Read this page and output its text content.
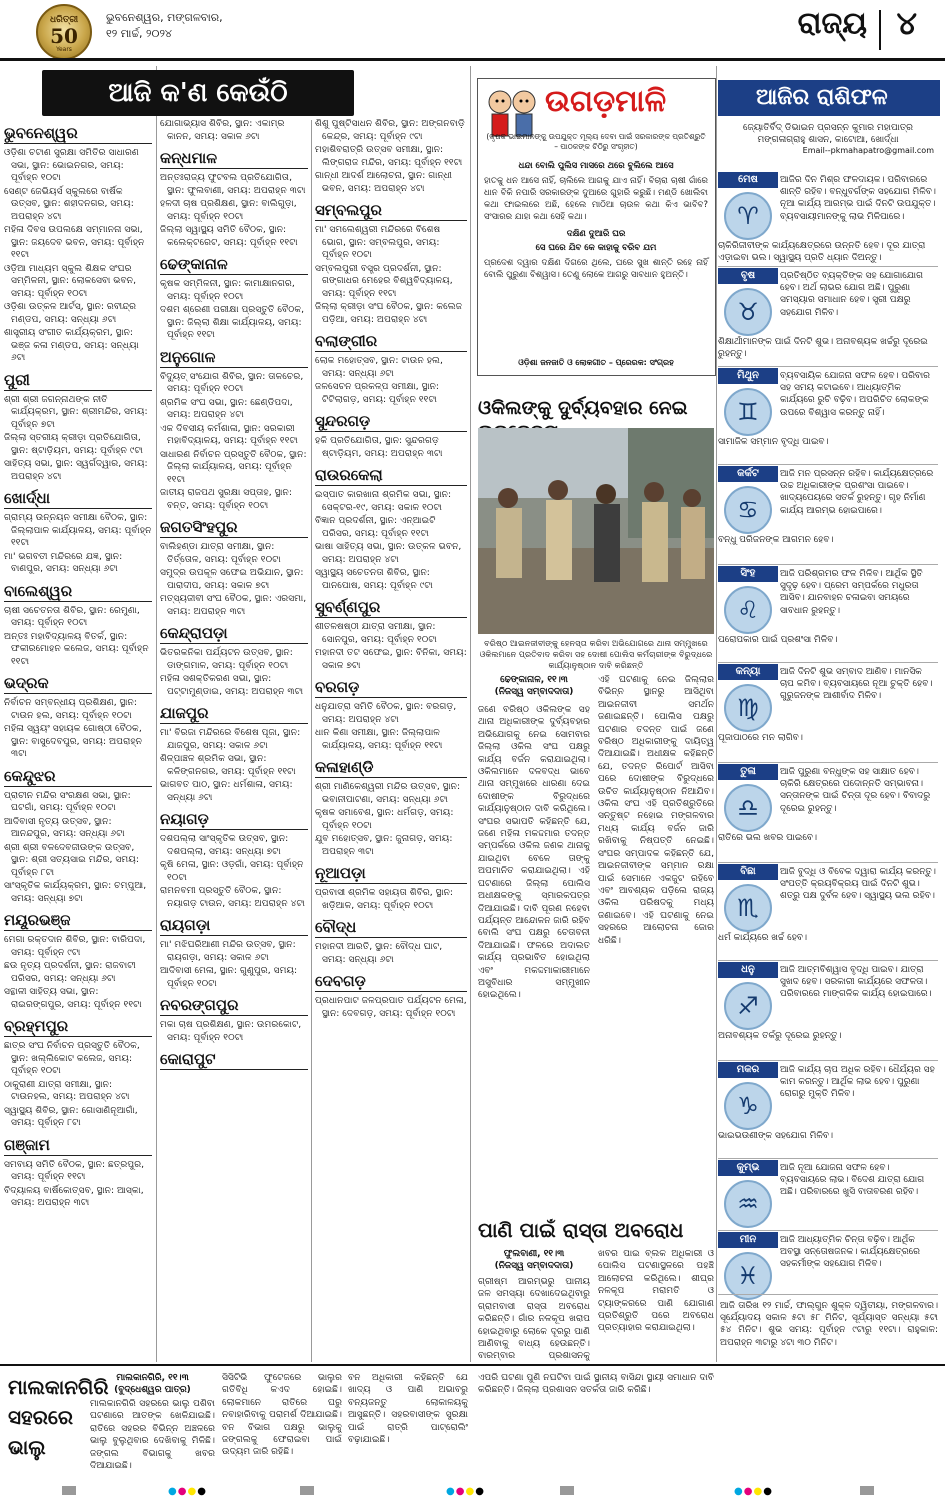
ଧରିତ୍ରୀ
50
Years
ଭୁବନେଶ୍ୱର, ମଙ୍ଗଳବାର,
୧୨ ମାର୍ଚ୍ଚ, ୨୦୨୪	ରାଜ୍ୟ ୪
ଆଜି କ'ଣ କେଉଁଠି
ଭୁବନେଶ୍ୱର
ଓଡ଼ିଶା ଚଟାଣ ସୁରକ୍ଷା ସମିତିର ସାଧାରଣ ସଭା, ସ୍ଥାନ: ଭୋଇନଗର, ସମୟ: ପୂର୍ବାହ୍ନ ୧୦ଟା
ସେଣ୍ଟ ଜେଭିୟର୍ସ ସ୍କୁଲରେ ବାର୍ଷିକ ଉତ୍ସବ, ସ୍ଥାନ: ଶହୀଦନଗର, ସମୟ: ଅପରାହ୍ନ ୪ଟା
ମହିଳା ଦିବସ ଉପଲକ୍ଷେ ସମ୍ମାନନା ସଭା, ସ୍ଥାନ: ଜୟଦେବ ଭବନ, ସମୟ: ପୂର୍ବାହ୍ନ ୧୧ଟା
ଓଡ଼ିଆ ମାଧ୍ୟମ ସ୍କୁଲ ଶିକ୍ଷକ ସଂଘର ସମ୍ମିଳନୀ, ସ୍ଥାନ: ଲୋକସେବା ଭବନ, ସମୟ: ପୂର୍ବାହ୍ନ ୧୦ଟା
ଓଡ଼ିଶା ଉତ୍କଳ ଆର୍ଟସ୍, ସ୍ଥାନ: ରବୀନ୍ଦ୍ର ମଣ୍ଡପ, ସମୟ: ସନ୍ଧ୍ୟା ୬ଟା
ଶାସ୍ତ୍ରୀୟ ସଂଗୀତ କାର୍ଯ୍ୟକ୍ରମ, ସ୍ଥାନ: ଭଞ୍ଜ କଳା ମଣ୍ଡପ, ସମୟ: ସନ୍ଧ୍ୟା ୬ଟା
ପୁରୀ
ଶ୍ରୀ ଶ୍ରୀ ଜଗନ୍ନାଥଙ୍କ ନୀତି କାର୍ଯ୍ୟକ୍ରମ, ସ୍ଥାନ: ଶ୍ରୀମନ୍ଦିର, ସମୟ: ପୂର୍ବାହ୍ନ ୭ଟା
ଜିଲ୍ଲା ସ୍ତରୀୟ କ୍ରୀଡ଼ା ପ୍ରତିଯୋଗିତା, ସ୍ଥାନ: ଷ୍ଟାଡ଼ିୟମ, ସମୟ: ପୂର୍ବାହ୍ନ ୯ଟା
ସାହିତ୍ୟ ସଭା, ସ୍ଥାନ: ସ୍ୱର୍ଗଦ୍ୱାର, ସମୟ: ଅପରାହ୍ନ ୪ଟା
ଖୋର୍ଦ୍ଧା
ଗ୍ରାମ୍ୟ ଉନ୍ନୟନ ସମୀକ୍ଷା ବୈଠକ, ସ୍ଥାନ: ଜିଲ୍ଲାପାଳ କାର୍ଯ୍ୟାଳୟ, ସମୟ: ପୂର୍ବାହ୍ନ ୧୧ଟା
ମା' ଭଗବତୀ ମନ୍ଦିରରେ ଯଜ୍ଞ, ସ୍ଥାନ: ବାଣପୁର, ସମୟ: ସନ୍ଧ୍ୟା ୬ଟା
ବାଲେଶ୍ୱର
ଚାଷୀ ସଚେତନତା ଶିବିର, ସ୍ଥାନ: ରେମୁଣା, ସମୟ: ପୂର୍ବାହ୍ନ ୧୦ଟା
ଅନ୍ତଃ ମହାବିଦ୍ୟାଳୟ ବିତର୍କ, ସ୍ଥାନ: ଫକୀରମୋହନ କଲେଜ, ସମୟ: ପୂର୍ବାହ୍ନ ୧୧ଟା
ଭଦ୍ରକ
ନିର୍ବାଚନ ସମ୍ବନ୍ଧୀୟ ପ୍ରଶିକ୍ଷଣ, ସ୍ଥାନ: ଟାଉନ ହଲ, ସମୟ: ପୂର୍ବାହ୍ନ ୧୦ଟା
ମହିଳା ସ୍ୱୟଂ ସହାୟକ ଗୋଷ୍ଠୀ ବୈଠକ, ସ୍ଥାନ: ବାସୁଦେବପୁର, ସମୟ: ଅପରାହ୍ନ ୩ଟା
କେନ୍ଦୁଝର
ପ୍ରାଚୀନ ମନ୍ଦିର ସଂରକ୍ଷଣ ସଭା, ସ୍ଥାନ: ଘଟଗାଁ, ସମୟ: ପୂର୍ବାହ୍ନ ୧୦ଟା
ଆଦିବାସୀ ନୃତ୍ୟ ଉତ୍ସବ, ସ୍ଥାନ: ଆନନ୍ଦପୁର, ସମୟ: ସନ୍ଧ୍ୟା ୬ଟା
ଶ୍ରୀ ଶ୍ରୀ ବଳଦେବଜୀଉଙ୍କ ଉତ୍ସବ, ସ୍ଥାନ: ଶ୍ରୀ ସତ୍ୟସାଇ ମନ୍ଦିର, ସମୟ: ପୂର୍ବାହ୍ନ ୮ଟା
ସାଂସ୍କୃତିକ କାର୍ଯ୍ୟକ୍ରମ, ସ୍ଥାନ: ଚମ୍ପୁଆ, ସମୟ: ସନ୍ଧ୍ୟା ୭ଟା
ମୟୂରଭଞ୍ଜ
ମେଗା ରକ୍ତଦାନ ଶିବିର, ସ୍ଥାନ: ବାରିପଦା, ସମୟ: ପୂର୍ବାହ୍ନ ୯ଟା
ଛଉ ନୃତ୍ୟ ପ୍ରଦର୍ଶନୀ, ସ୍ଥାନ: ରାଜବାଟୀ ପରିସର, ସମୟ: ସନ୍ଧ୍ୟା ୬ଟା
ସନ୍ଥାଳୀ ସାହିତ୍ୟ ସଭା, ସ୍ଥାନ: ରାଇରଙ୍ଗପୁର, ସମୟ: ପୂର୍ବାହ୍ନ ୧୧ଟା
ବ୍ରହ୍ମପୁର
ଛାତ୍ର ସଂଘ ନିର୍ବାଚନ ପ୍ରସ୍ତୁତି ବୈଠକ, ସ୍ଥାନ: ଖଲ୍ଲିକୋଟ କଲେଜ, ସମୟ: ପୂର୍ବାହ୍ନ ୧୦ଟା
ଠାକୁରାଣୀ ଯାତ୍ରା ସମୀକ୍ଷା, ସ୍ଥାନ: ଟାଉନହଲ, ସମୟ: ଅପରାହ୍ନ ୪ଟା
ସ୍ୱାସ୍ଥ୍ୟ ଶିବିର, ସ୍ଥାନ: ଗୋସାଣିନୂଆଗାଁ, ସମୟ: ପୂର୍ବାହ୍ନ ୮ଟା
ଗଞ୍ଜାମ
ସମବାୟ ସମିତି ବୈଠକ, ସ୍ଥାନ: ଛତ୍ରପୁର, ସମୟ: ପୂର୍ବାହ୍ନ ୧୧ଟା
ବିଦ୍ୟାଳୟ ବାର୍ଷିକୋତ୍ସବ, ସ୍ଥାନ: ଆସ୍କା, ସମୟ: ଅପରାହ୍ନ ୩ଟା
ଯୋଗାଭ୍ୟାସ ଶିବିର, ସ୍ଥାନ: ଏକାମ୍ର କାନନ, ସମୟ: ସକାଳ ୬ଟା
କନ୍ଧମାଳ
ଅନ୍ତଃରାଜ୍ୟ ଫୁଟବଲ ପ୍ରତିଯୋଗିତା, ସ୍ଥାନ: ଫୁଲବାଣୀ, ସମୟ: ଅପରାହ୍ନ ୩ଟା
ହଳଦୀ ଚାଷ ପ୍ରଶିକ୍ଷଣ, ସ୍ଥାନ: ବାଲିଗୁଡ଼ା, ସମୟ: ପୂର୍ବାହ୍ନ ୧୦ଟା
ଜିଲ୍ଲା ସ୍ୱାସ୍ଥ୍ୟ ସମିତି ବୈଠକ, ସ୍ଥାନ: କଲେକ୍ଟରେଟ, ସମୟ: ପୂର୍ବାହ୍ନ ୧୧ଟା
ଢେଙ୍କାନାଳ
କୃଷକ ସମ୍ମିଳନୀ, ସ୍ଥାନ: କାମାକ୍ଷାନଗର, ସମୟ: ପୂର୍ବାହ୍ନ ୧୦ଟା
ଦଶମ ଶ୍ରେଣୀ ପରୀକ୍ଷା ପ୍ରସ୍ତୁତି ବୈଠକ, ସ୍ଥାନ: ଜିଲ୍ଲା ଶିକ୍ଷା କାର୍ଯ୍ୟାଳୟ, ସମୟ: ପୂର୍ବାହ୍ନ ୧୧ଟା
ଅନୁଗୋଳ
ବିଦ୍ୟୁତ୍ ସଂଯୋଗ ଶିବିର, ସ୍ଥାନ: ତାଳଚେର, ସମୟ: ପୂର୍ବାହ୍ନ ୧୦ଟା
ଶ୍ରମିକ ସଂଘ ସଭା, ସ୍ଥାନ: ଛେଣ୍ଡିପଦା, ସମୟ: ଅପରାହ୍ନ ୪ଟା
ଏକ ଦିବସୀୟ କର୍ମଶାଳା, ସ୍ଥାନ: ସରକାରୀ ମହାବିଦ୍ୟାଳୟ, ସମୟ: ପୂର୍ବାହ୍ନ ୧୧ଟା
ସାଧାରଣ ନିର୍ବାଚନ ପ୍ରସ୍ତୁତି ବୈଠକ, ସ୍ଥାନ: ଜିଲ୍ଲା କାର୍ଯ୍ୟାଳୟ, ସମୟ: ପୂର୍ବାହ୍ନ ୧୧ଟା
ଜାତୀୟ ରାଜପଥ ସୁରକ୍ଷା ସପ୍ତାହ, ସ୍ଥାନ: ବନ୍ତ, ସମୟ: ପୂର୍ବାହ୍ନ ୧୦ଟା
ଜଗତସିଂହପୁର
ବାଲିହଣ୍ଡା ଯାତ୍ରା ସମୀକ୍ଷା, ସ୍ଥାନ: ତିର୍ତ୍ତୋଳ, ସମୟ: ପୂର୍ବାହ୍ନ ୧୦ଟା
ସମୁଦ୍ର ଉପକୂଳ ସଫେଇ ଅଭିଯାନ, ସ୍ଥାନ: ପାରାଦୀପ, ସମୟ: ସକାଳ ୭ଟା
ମତ୍ସ୍ୟଜୀବୀ ସଂଘ ବୈଠକ, ସ୍ଥାନ: ଏରସମା, ସମୟ: ଅପରାହ୍ନ ୩ଟା
କେନ୍ଦ୍ରାପଡ଼ା
ଭିତରକନିକା ପର୍ଯ୍ୟଟନ ଉତ୍ସବ, ସ୍ଥାନ: ଡାଙ୍ଗମାଳ, ସମୟ: ପୂର୍ବାହ୍ନ ୧୦ଟା
ମହିଳା ସଶକ୍ତିକରଣ ସଭା, ସ୍ଥାନ: ପଟ୍ଟାମୁଣ୍ଡାଇ, ସମୟ: ଅପରାହ୍ନ ୩ଟା
ଯାଜପୁର
ମା' ବିରଜା ମନ୍ଦିରରେ ବିଶେଷ ପୂଜା, ସ୍ଥାନ: ଯାଜପୁର, ସମୟ: ସକାଳ ୬ଟା
ଶିଳ୍ପାଞ୍ଚଳ ଶ୍ରମିକ ସଭା, ସ୍ଥାନ: କଳିଙ୍ଗନଗର, ସମୟ: ପୂର୍ବାହ୍ନ ୧୧ଟା
ଭାଗବତ ପାଠ, ସ୍ଥାନ: ଧର୍ମଶାଳା, ସମୟ: ସନ୍ଧ୍ୟା ୬ଟା
ନୟାଗଡ଼
ଦଶପଲ୍ଲା ସାଂସ୍କୃତିକ ଉତ୍ସବ, ସ୍ଥାନ: ଦଶପଲ୍ଲା, ସମୟ: ସନ୍ଧ୍ୟା ୭ଟା
କୃଷି ମେଳା, ସ୍ଥାନ: ଓଡ଼ଗାଁ, ସମୟ: ପୂର୍ବାହ୍ନ ୧୦ଟା
ରାମନବମୀ ପ୍ରସ୍ତୁତି ବୈଠକ, ସ୍ଥାନ: ନୟାଗଡ଼ ଟାଉନ, ସମୟ: ଅପରାହ୍ନ ୪ଟା
ରାୟଗଡ଼ା
ମା' ମଝିଘରିଆଣୀ ମନ୍ଦିର ଉତ୍ସବ, ସ୍ଥାନ: ରାୟଗଡ଼ା, ସମୟ: ସକାଳ ୬ଟା
ଆଦିବାସୀ ମେଳା, ସ୍ଥାନ: ଗୁଣୁପୁର, ସମୟ: ପୂର୍ବାହ୍ନ ୧୦ଟା
ନବରଙ୍ଗପୁର
ମକା ଚାଷ ପ୍ରଶିକ୍ଷଣ, ସ୍ଥାନ: ଉମରକୋଟ, ସମୟ: ପୂର୍ବାହ୍ନ ୧୦ଟା
କୋରାପୁଟ
ଶିଶୁ ପୁଷ୍ଟିସାଧନ ଶିବିର, ସ୍ଥାନ: ଅଙ୍ଗନବାଡ଼ି କେନ୍ଦ୍ର, ସମୟ: ପୂର୍ବାହ୍ନ ୯ଟା
ମହାଶିବରାତ୍ରି ଉତ୍ସବ ସମୀକ୍ଷା, ସ୍ଥାନ: ଲିଙ୍ଗରାଜ ମନ୍ଦିର, ସମୟ: ପୂର୍ବାହ୍ନ ୧୧ଟା
ଗାନ୍ଧୀ ଆଦର୍ଶ ଆଲୋଚନା, ସ୍ଥାନ: ଗାନ୍ଧୀ ଭବନ, ସମୟ: ଅପରାହ୍ନ ୪ଟା
ସମ୍ବଲପୁର
ମା' ସମଲେଶ୍ୱରୀ ମନ୍ଦିରରେ ବିଶେଷ ଭୋଗ, ସ୍ଥାନ: ସମ୍ବଲପୁର, ସମୟ: ପୂର୍ବାହ୍ନ ୧୦ଟା
ସମ୍ବଲପୁରୀ ବସ୍ତ୍ର ପ୍ରଦର୍ଶନୀ, ସ୍ଥାନ: ଗଙ୍ଗାଧର ମେହେର ବିଶ୍ୱବିଦ୍ୟାଳୟ, ସମୟ: ପୂର୍ବାହ୍ନ ୧୧ଟା
ଜିଲ୍ଲା କ୍ରୀଡ଼ା ସଂଘ ବୈଠକ, ସ୍ଥାନ: କଲେଜ ପଡ଼ିଆ, ସମୟ: ଅପରାହ୍ନ ୪ଟା
ବଲାଙ୍ଗୀର
ଲୋକ ମହୋତ୍ସବ, ସ୍ଥାନ: ଟାଉନ ହଲ, ସମୟ: ସନ୍ଧ୍ୟା ୬ଟା
ଜଳସେଚନ ପ୍ରକଳ୍ପ ସମୀକ୍ଷା, ସ୍ଥାନ: ଟିଟିଲାଗଡ଼, ସମୟ: ପୂର୍ବାହ୍ନ ୧୧ଟା
ସୁନ୍ଦରଗଡ଼
ହକି ପ୍ରତିଯୋଗିତା, ସ୍ଥାନ: ସୁନ୍ଦରଗଡ଼ ଷ୍ଟାଡ଼ିୟମ, ସମୟ: ଅପରାହ୍ନ ୩ଟା
ରାଉରକେଲା
ଇସ୍ପାତ କାରଖାନା ଶ୍ରମିକ ସଭା, ସ୍ଥାନ: ସେକ୍ଟର-୧୯, ସମୟ: ସକାଳ ୧୦ଟା
ବିଜ୍ଞାନ ପ୍ରଦର୍ଶନୀ, ସ୍ଥାନ: ଏନ୍‌ଆଇଟି ପରିସର, ସମୟ: ପୂର୍ବାହ୍ନ ୧୧ଟା
ଭାଷା ସାହିତ୍ୟ ସଭା, ସ୍ଥାନ: ଉତ୍କଳ ଭବନ, ସମୟ: ଅପରାହ୍ନ ୪ଟା
ସ୍ୱାସ୍ଥ୍ୟ ସଚେତନତା ଶିବିର, ସ୍ଥାନ: ପାନପୋଷ, ସମୟ: ପୂର୍ବାହ୍ନ ୯ଟା
ସୁବର୍ଣ୍ଣପୁର
ଶୀତଳଷଷ୍ଠୀ ଯାତ୍ରା ସମୀକ୍ଷା, ସ୍ଥାନ: ସୋନପୁର, ସମୟ: ପୂର୍ବାହ୍ନ ୧୦ଟା
ମହାନଦୀ ତଟ ସଫେଇ, ସ୍ଥାନ: ବିନିକା, ସମୟ: ସକାଳ ୭ଟା
ବରଗଡ଼
ଧନୁଯାତ୍ରା ସମିତି ବୈଠକ, ସ୍ଥାନ: ବରଗଡ଼, ସମୟ: ଅପରାହ୍ନ ୪ଟା
ଧାନ କିଣା ସମୀକ୍ଷା, ସ୍ଥାନ: ଜିଲ୍ଲାପାଳ କାର୍ଯ୍ୟାଳୟ, ସମୟ: ପୂର୍ବାହ୍ନ ୧୧ଟା
କଳାହାଣ୍ଡି
ଶ୍ରୀ ମାଣିକେଶ୍ୱରୀ ମନ୍ଦିର ଉତ୍ସବ, ସ୍ଥାନ: ଭବାନୀପାଟଣା, ସମୟ: ସନ୍ଧ୍ୟା ୬ଟା
କୃଷକ ସମାବେଶ, ସ୍ଥାନ: ଧର୍ମଗଡ଼, ସମୟ: ପୂର୍ବାହ୍ନ ୧୦ଟା
ଯୁବ ମହୋତ୍ସବ, ସ୍ଥାନ: ଜୁନାଗଡ଼, ସମୟ: ଅପରାହ୍ନ ୩ଟା
ନୂଆପଡ଼ା
ପ୍ରବାସୀ ଶ୍ରମିକ ସହାୟତା ଶିବିର, ସ୍ଥାନ: ଖଡ଼ିଆଳ, ସମୟ: ପୂର୍ବାହ୍ନ ୧୦ଟା
ବୌଦ୍ଧ
ମହାନଦୀ ଆରତି, ସ୍ଥାନ: ବୌଦ୍ଧ ଘାଟ, ସମୟ: ସନ୍ଧ୍ୟା ୬ଟା
ଦେବଗଡ଼
ପ୍ରଧାନପାଟ ଜଳପ୍ରପାତ ପର୍ଯ୍ୟଟନ ମେଳା, ସ୍ଥାନ: ଦେବଗଡ଼, ସମୟ: ପୂର୍ବାହ୍ନ ୧୦ଟା
ଉଗଡ଼ମାଳି
(କୃଷକ ଭାଇମାନଙ୍କୁ ଉପଯୁକ୍ତ ମୂଲ୍ୟ ଦେବା ପାଇଁ ସରକାରଙ୍କ ପ୍ରତିଶ୍ରୁତି – ପାଠକଙ୍କ ଚିଠିରୁ ସଂଗୃହୀତ)
ଧନ୍ଦା ବୋଲି ପୁଲିସ ମାସରେ ଥରେ ବୁଲିଲେ ଆସେ
ହାତକୁ ଧନ ଆସେ ନାହିଁ, ଚାଲିଲେ ଆଗକୁ ଯାଏ ନାହିଁ। ବିଚାରା ଚାଷୀ ଗାଁରେ ଧାନ ବିକି ନପାରି ସରକାରଙ୍କ ଦୁଆରେ ଗୁହାରି କରୁଛି। ମଣ୍ଡି ଖୋଲିବା କଥା ଫାଇଲରେ ଅଛି, ହେଲେ ମାଠିଆ ଚାଉଳ କଥା କିଏ ଭାବିବ? ସଂସାରର ଯାହା କଥା ସେହି କଥା।
ଦକ୍ଷିଣ ଦୁଆରି ଘର
ସେ ଘରେ ଯିବ କେ କାହାକୁ ବରିବ ଯମ
ପ୍ରଦେଶ ଦ୍ୱାର ଦକ୍ଷିଣ ଦିଗରେ ଥିଲେ, ଘରେ ସୁଖ ଶାନ୍ତି ରହେ ନାହିଁ ବୋଲି ପୁରୁଣା ବିଶ୍ୱାସ। ତେଣୁ ଲୋକେ ଆଗରୁ ସାବଧାନ ହୁଅନ୍ତି।
ଓଡ଼ିଶା ଜନଜାତି ଓ ଲୋକଗୀତ – ପ୍ରେରକ: ସଂଗ୍ରହ
ଓକିଲଙ୍କୁ ଦୁର୍ବ୍ୟବହାର ନେଇ
ବରିଷ୍ଠ ଆଇନଜୀବୀଙ୍କୁ ହେନସ୍ତା କରିବା ଅଭିଯୋଗରେ ଥାନା ସମ୍ମୁଖରେ ଓକିଲମାନେ ପ୍ରତିବାଦ କରିବା ସହ ଦୋଷୀ ପୋଲିସ କର୍ମଚାରୀଙ୍କ ବିରୁଦ୍ଧରେ କାର୍ଯ୍ୟାନୁଷ୍ଠାନ ଦାବି କରିଛନ୍ତି
ଢେଙ୍କାନାଳ, ୧୧।୩
(ନିଜସ୍ୱ ସମ୍ବାଦଦାତା)
ଜଣେ ବରିଷ୍ଠ ଓକିଲଙ୍କ ସହ ଥାନା ଅଧିକାରୀଙ୍କ ଦୁର୍ବ୍ୟବହାର ଅଭିଯୋଗକୁ ନେଇ ସୋମବାର ଜିଲ୍ଲା ଓକିଲ ସଂଘ ପକ୍ଷରୁ କାର୍ଯ୍ୟ ବର୍ଜନ କରାଯାଇଥିଲା। ଓକିଲମାନେ ଦଳବଦ୍ଧ ଭାବେ ଥାନା ସମ୍ମୁଖରେ ଧାରଣା ଦେଇ ଦୋଷୀଙ୍କ ବିରୁଦ୍ଧରେ କାର୍ଯ୍ୟାନୁଷ୍ଠାନ ଦାବି କରିଥିଲେ। ସଂଘର ସଭାପତି କହିଛନ୍ତି ଯେ, ଜଣେ ମହିଳା ମକଦ୍ଦମାର ତଦନ୍ତ ସମ୍ପର୍କରେ ଓକିଲ ଜଣକ ଥାନାକୁ ଯାଇଥିବା ବେଳେ ତାଙ୍କୁ ଅପମାନିତ କରାଯାଇଥିଲା। ଏହି ଘଟଣାରେ ଜିଲ୍ଲା ପୋଲିସ ଅଧୀକ୍ଷକଙ୍କୁ ସ୍ମାରକପତ୍ର ଦିଆଯାଇଛି। ଦାବି ପୂରଣ ନହେବା ପର୍ଯ୍ୟନ୍ତ ଆନ୍ଦୋଳନ ଜାରି ରହିବ ବୋଲି ସଂଘ ପକ୍ଷରୁ ଚେତାବନୀ ଦିଆଯାଇଛି। ଫଳରେ ଅଦାଲତ କାର୍ଯ୍ୟ ପ୍ରଭାବିତ ହୋଇଥିଲା ଏବଂ ମକଦ୍ଦମାକାରୀମାନେ ଅସୁବିଧାର ସମ୍ମୁଖୀନ ହୋଇଥିଲେ।
ଏହି ଘଟଣାକୁ ନେଇ ଜିଲ୍ଲାର ବିଭିନ୍ନ ସ୍ଥାନରୁ ଆସିଥିବା ଆଇନଜୀବୀ ସମର୍ଥନ ଜଣାଇଛନ୍ତି। ପୋଲିସ ପକ୍ଷରୁ ଘଟଣାର ତଦନ୍ତ ପାଇଁ ଜଣେ ବରିଷ୍ଠ ଅଧିକାରୀଙ୍କୁ ଦାୟିତ୍ୱ ଦିଆଯାଇଛି। ଅଧୀକ୍ଷକ କହିଛନ୍ତି ଯେ, ତଦନ୍ତ ରିପୋର୍ଟ ଆସିବା ପରେ ଦୋଷୀଙ୍କ ବିରୁଦ୍ଧରେ ଉଚିତ କାର୍ଯ୍ୟାନୁଷ୍ଠାନ ନିଆଯିବ। ଓକିଲ ସଂଘ ଏହି ପ୍ରତିଶ୍ରୁତିରେ ସନ୍ତୁଷ୍ଟ ନହୋଇ ମଙ୍ଗଳବାର ମଧ୍ୟ କାର୍ଯ୍ୟ ବର୍ଜନ ଜାରି ରଖିବାକୁ ନିଷ୍ପତ୍ତି ନେଇଛି। ସଂଘର ସମ୍ପାଦକ କହିଛନ୍ତି ଯେ, ଆଇନଜୀବୀଙ୍କ ସମ୍ମାନ ରକ୍ଷା ପାଇଁ ସେମାନେ ଏକଜୁଟ ରହିବେ ଏବଂ ଆବଶ୍ୟକ ପଡ଼ିଲେ ରାଜ୍ୟ ଓକିଲ ପରିଷଦକୁ ମଧ୍ୟ ଜଣାଇବେ। ଏହି ଘଟଣାକୁ ନେଇ ସହରରେ ଆଲୋଚନା ଜୋର ଧରିଛି।
ପାଣି ପାଇଁ ରାସ୍ତା ଅବରୋଧ
ଫୁଲବାଣୀ, ୧୧।୩
(ନିଜସ୍ୱ ସମ୍ବାଦଦାତା)
ଗ୍ରୀଷ୍ମ ଆରମ୍ଭରୁ ପାନୀୟ ଜଳ ସମସ୍ୟା ଦେଖାଦେଇଥିବାରୁ ଗ୍ରାମବାସୀ ରାସ୍ତା ଅବରୋଧ କରିଛନ୍ତି। ଗାଁର ନଳକୂପ ଖରାପ ହୋଇଥିବାରୁ ଲୋକେ ଦୂରରୁ ପାଣି ଆଣିବାକୁ ବାଧ୍ୟ ହେଉଛନ୍ତି। ବାରମ୍ବାର ପ୍ରଶାସନକୁ
ଖବର ପାଇ ବ୍ଲକ ଅଧିକାରୀ ଓ ପୋଲିସ ଘଟଣାସ୍ଥଳରେ ପହଞ୍ଚି ଆଲୋଚନା କରିଥିଲେ। ଶୀଘ୍ର ନଳକୂପ ମରାମତି ଓ ଟ୍ୟାଙ୍କରରେ ପାଣି ଯୋଗାଣ ପ୍ରତିଶ୍ରୁତି ପରେ ଅବରୋଧ ପ୍ରତ୍ୟାହାର କରାଯାଇଥିଲା।
ଆଜିର ରାଶିଫଳ
ଜ୍ୟୋତିର୍ବିଦ୍ ଡିଭାଇନ ପ୍ରସନ୍ନ କୁମାର ମହାପାତ୍ର
ମଙ୍ଗଳାଗ୍ରାହୁ ଶାସନ, କାଟୋଆ, ଖୋର୍ଦ୍ଧା
Email--pkmahapatro@gmail.com
ମେଷ
♈
ଆଜିର ଦିନ ମିଶ୍ର ଫଳଦାୟକ। ପରିବାରରେ ଶାନ୍ତି ରହିବ। ବନ୍ଧୁବର୍ଗଙ୍କ ସହଯୋଗ ମିଳିବ। ନୂଆ କାର୍ଯ୍ୟ ଆରମ୍ଭ ପାଇଁ ଦିନଟି ଉପଯୁକ୍ତ। ବ୍ୟବସାୟୀମାନଙ୍କୁ ଲାଭ ମିଳିପାରେ।
ଚାକିରିଜୀବୀଙ୍କ କାର୍ଯ୍ୟକ୍ଷେତ୍ରରେ ଉନ୍ନତି ହେବ। ଦୂର ଯାତ୍ରା ଏଡ଼ାଇବା ଭଲ। ସ୍ୱାସ୍ଥ୍ୟ ପ୍ରତି ଧ୍ୟାନ ଦିଅନ୍ତୁ।
ବୃଷ
♉
ପ୍ରତିଷ୍ଠିତ ବ୍ୟକ୍ତିଙ୍କ ସହ ଯୋଗାଯୋଗ ହେବ। ଅର୍ଥ ଲାଭର ଯୋଗ ଅଛି। ପୁରୁଣା ସମସ୍ୟାର ସମାଧାନ ହେବ। ସ୍ତ୍ରୀ ପକ୍ଷରୁ ସହଯୋଗ ମିଳିବ।
ଶିକ୍ଷାର୍ଥୀମାନଙ୍କ ପାଇଁ ଦିନଟି ଶୁଭ। ଅନାବଶ୍ୟକ ଖର୍ଚ୍ଚରୁ ଦୂରେଇ ରୁହନ୍ତୁ।
ମିଥୁନ
♊
ବ୍ୟବସାୟିକ ଯୋଜନା ସଫଳ ହେବ। ପରିବାର ସହ ସମୟ କଟାଇବେ। ଆଧ୍ୟାତ୍ମିକ କାର୍ଯ୍ୟରେ ରୁଚି ବଢ଼ିବ। ଅପରିଚିତ ଲୋକଙ୍କ ଉପରେ ବିଶ୍ୱାସ କରନ୍ତୁ ନାହିଁ।
ସାମାଜିକ ସମ୍ମାନ ବୃଦ୍ଧି ପାଇବ।
କର୍କଟ
♋
ଆଜି ମନ ପ୍ରସନ୍ନ ରହିବ। କାର୍ଯ୍ୟକ୍ଷେତ୍ରରେ ଉଚ୍ଚ ଅଧିକାରୀଙ୍କ ପ୍ରଶଂସା ପାଇବେ। ଖାଦ୍ୟପେୟରେ ସତର୍କ ରୁହନ୍ତୁ। ଗୃହ ନିର୍ମାଣ କାର୍ଯ୍ୟ ଆରମ୍ଭ ହୋଇପାରେ।
ବନ୍ଧୁ ପରିଜନଙ୍କ ଆଗମନ ହେବ।
ସିଂହ
♌
ଆଜି ପରିଶ୍ରମର ଫଳ ମିଳିବ। ଆର୍ଥିକ ସ୍ଥିତି ସୁଦୃଢ଼ ହେବ। ପ୍ରେମ ସମ୍ପର୍କରେ ମଧୁରତା ଆସିବ। ଯାନବାହନ ଚଳାଇବା ସମୟରେ ସାବଧାନ ରୁହନ୍ତୁ।
ପରୋପକାର ପାଇଁ ପ୍ରଶଂସା ମିଳିବ।
କନ୍ୟା
♍
ଆଜି ଦିନଟି ଶୁଭ ସମ୍ବାଦ ଆଣିବ। ମାନସିକ ଚାପ କମିବ। ବ୍ୟବସାୟରେ ନୂଆ ଚୁକ୍ତି ହେବ। ଗୁରୁଜନଙ୍କ ଆଶୀର୍ବାଦ ମିଳିବ।
ପୂଜାପାଠରେ ମନ ଲାଗିବ।
ତୁଳା
♎
ଆଜି ପୁରୁଣା ବନ୍ଧୁଙ୍କ ସହ ସାକ୍ଷାତ ହେବ। ଚାକିରି କ୍ଷେତ୍ରରେ ପଦୋନ୍ନତି ସମ୍ଭାବନା। ସନ୍ତାନଙ୍କ ପାଇଁ ଚିନ୍ତା ଦୂର ହେବ। ବିବାଦରୁ ଦୂରେଇ ରୁହନ୍ତୁ।
ରାତିରେ ଭଲ ଖବର ପାଇବେ।
ବିଛା
♏
ଆଜି ବୁଦ୍ଧି ଓ ବିବେକ ଦ୍ୱାରା କାର୍ଯ୍ୟ କରନ୍ତୁ। ସଂପତ୍ତି କ୍ରୟବିକ୍ରୟ ପାଇଁ ଦିନଟି ଶୁଭ। ଶତ୍ରୁ ପକ୍ଷ ଦୁର୍ବଳ ହେବ। ସ୍ୱାସ୍ଥ୍ୟ ଭଲ ରହିବ।
ଧର୍ମ କାର୍ଯ୍ୟରେ ଖର୍ଚ୍ଚ ହେବ।
ଧନୁ
♐
ଆଜି ଆତ୍ମବିଶ୍ୱାସ ବୃଦ୍ଧି ପାଇବ। ଯାତ୍ରା ସୁଖଦ ହେବ। ସରକାରୀ କାର୍ଯ୍ୟରେ ସଫଳତା। ପରିବାରରେ ମାଙ୍ଗଳିକ କାର୍ଯ୍ୟ ହୋଇପାରେ।
ଅନାବଶ୍ୟକ ତର୍କରୁ ଦୂରେଇ ରୁହନ୍ତୁ।
ମକର
♑
ଆଜି କାର୍ଯ୍ୟ ଚାପ ଅଧିକ ରହିବ। ଧୈର୍ଯ୍ୟର ସହ କାମ କରନ୍ତୁ। ଆର୍ଥିକ ଲାଭ ହେବ। ପୁରୁଣା ରୋଗରୁ ମୁକ୍ତି ମିଳିବ।
ଭାଇଭଉଣୀଙ୍କ ସହଯୋଗ ମିଳିବ।
କୁମ୍ଭ
♒
ଆଜି ନୂଆ ଯୋଜନା ସଫଳ ହେବ। ବ୍ୟବସାୟରେ ଲାଭ। ବିଦେଶ ଯାତ୍ରା ଯୋଗ ଅଛି। ପରିବାରରେ ଖୁସି ବାତାବରଣ ରହିବ।
ମୀନ
♓
ଆଜି ଆଧ୍ୟାତ୍ମିକ ଚିନ୍ତା ବଢ଼ିବ। ଆର୍ଥିକ ଅବସ୍ଥା ସନ୍ତୋଷଜନକ। କାର୍ଯ୍ୟକ୍ଷେତ୍ରରେ ସହକର୍ମୀଙ୍କ ସହଯୋଗ ମିଳିବ।
ଆଜି ତାରିଖ ୧୨ ମାର୍ଚ୍ଚ, ଫାଲ୍ଗୁନ ଶୁକ୍ଳ ଦ୍ୱିତୀୟା, ମଙ୍ଗଳବାର। ସୂର୍ଯ୍ୟୋଦୟ ସକାଳ ୫ଟା ୫୮ ମିନିଟ, ସୂର୍ଯ୍ୟାସ୍ତ ସନ୍ଧ୍ୟା ୫ଟା ୫୪ ମିନିଟ। ଶୁଭ ସମୟ: ପୂର୍ବାହ୍ନ ୯ଟାରୁ ୧୧ଟା। ରାହୁକାଳ: ଅପରାହ୍ନ ୩ଟାରୁ ୪ଟା ୩୦ ମିନିଟ।
ମାଲକାନଗିରି ସହରରେ ଭାଲୁ
ମାଲକାନଗିରି, ୧୧।୩
(ବୁଦ୍ଧେଶ୍ୱର ପାତ୍ର)
ମାଲକାନଗିରି ସହରରେ ଭାଲୁ ପଶିବା ଘଟଣାରେ ଆତଙ୍କ ଖେଳିଯାଇଛି। ରାତିରେ ସହରର ବିଭିନ୍ନ ଅଞ୍ଚଳରେ ଭାଲୁ ବୁଲୁଥିବାର ଦେଖିବାକୁ ମିଳିଛି। ଜଙ୍ଗଲ ବିଭାଗକୁ ଖବର ଦିଆଯାଇଛି।
ସିସିଟିଭି ଫୁଟେଜରେ ଭାଲୁର ଗତିବିଧି କଏଦ ହୋଇଛି। ଲୋକମାନେ ରାତିରେ ଘରୁ ନବାହାରିବାକୁ ପରାମର୍ଶ ଦିଆଯାଇଛି। ବନ ବିଭାଗ ପକ୍ଷରୁ ଭାଲୁକୁ ଜଙ୍ଗଲକୁ ଫେରାଇବା ପାଇଁ ଉଦ୍ୟମ ଜାରି ରହିଛି।
ବନ ଅଧିକାରୀ କହିଛନ୍ତି ଯେ ଖାଦ୍ୟ ଓ ପାଣି ଅଭାବରୁ ବନ୍ୟଜନ୍ତୁ ଲୋକାଳୟକୁ ଆସୁଛନ୍ତି। ସହରବାସୀଙ୍କ ସୁରକ୍ଷା ପାଇଁ ରାତ୍ରି ପାଟ୍ରୋଲିଂ ବଢ଼ାଯାଇଛି।
ଏପରି ଘଟଣା ପୁଣି ନଘଟିବା ପାଇଁ ସ୍ଥାନୀୟ ବାସିନ୍ଦା ସ୍ଥାୟୀ ସମାଧାନ ଦାବି କରିଛନ୍ତି। ଜିଲ୍ଲା ପ୍ରଶାସନ ସତର୍କତା ଜାରି କରିଛି।
●●●●	●●●●	●●●●
